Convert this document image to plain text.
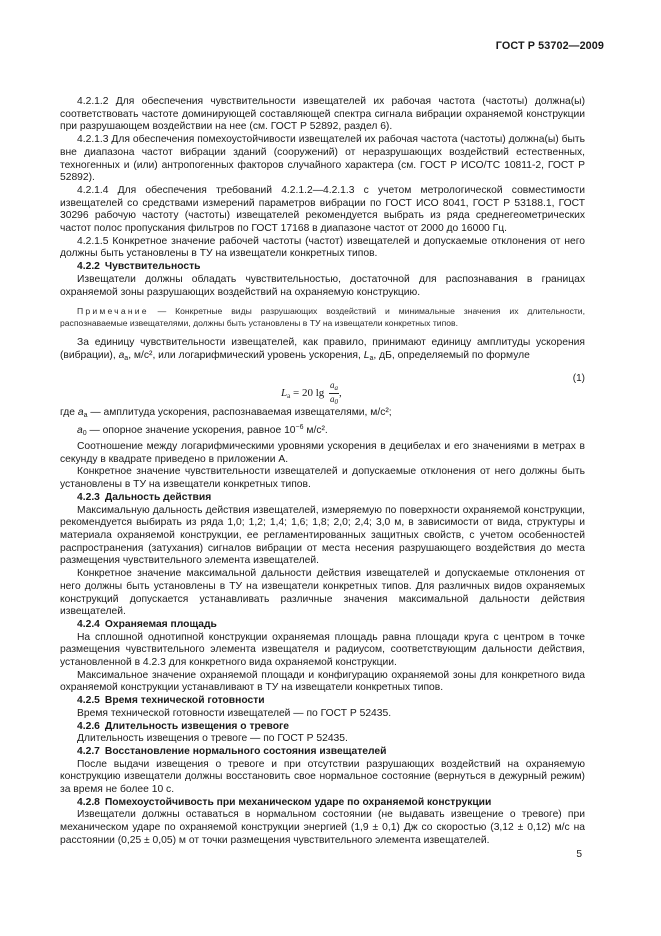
ГОСТ Р 53702—2009

4.2.1.2 Для обеспечения чувствительности извещателей их рабочая частота (частоты) должна(ы) соответствовать частоте доминирующей составляющей спектра сигнала вибрации охраняемой конструкции при разрушающем воздействии на нее (см. ГОСТ Р 52892, раздел 6).

4.2.1.3 Для обеспечения помехоустойчивости извещателей их рабочая частота (частоты) должна(ы) быть вне диапазона частот вибрации зданий (сооружений) от неразрушающих воздействий естественных, техногенных и (или) антропогенных факторов случайного характера (см. ГОСТ Р ИСО/ТС 10811-2, ГОСТ Р 52892).

4.2.1.4 Для обеспечения требований 4.2.1.2—4.2.1.3 с учетом метрологической совместимости извещателей со средствами измерений параметров вибрации по ГОСТ ИСО 8041, ГОСТ Р 53188.1, ГОСТ 30296 рабочую частоту (частоты) извещателей рекомендуется выбрать из ряда среднегеометрических частот полос пропускания фильтров по ГОСТ 17168 в диапазоне частот от 2000 до 16000 Гц.

4.2.1.5 Конкретное значение рабочей частоты (частот) извещателей и допускаемые отклонения от него должны быть установлены в ТУ на извещатели конкретных типов.

4.2.2 Чувствительность

Извещатели должны обладать чувствительностью, достаточной для распознавания в границах охраняемой зоны разрушающих воздействий на охраняемую конструкцию.

Примечание — Конкретные виды разрушающих воздействий и минимальные значения их длительности, распознаваемые извещателями, должны быть установлены в ТУ на извещатели конкретных типов.

За единицу чувствительности извещателей, как правило, принимают единицу амплитуды ускорения (вибрации), $a_a$, м/с², или логарифмический уровень ускорения, $L_a$, дБ, определяемый по формуле

$L_a = 20$ $\lg \frac{a_a}{a_0}$ ,
(1)

где $a_a$ — амплитуда ускорения, распознаваемая извещателями, м/с²;

$a_0$ — опорное значение ускорения, равное $10^{-6}$ м/с².

Соотношение между логарифмическими уровнями ускорения в децибелах и его значениями в метрах в секунду в квадрате приведено в приложении А.

Конкретное значение чувствительности извещателей и допускаемые отклонения от него должны быть установлены в ТУ на извещатели конкретных типов.

4.2.3 Дальность действия

Максимальную дальность действия извещателей, измеряемую по поверхности охраняемой конструкции, рекомендуется выбирать из ряда 1,0; 1,2; 1,4; 1,6; 1,8; 2,0; 2,4; 3,0 м, в зависимости от вида, структуры и материала охраняемой конструкции, ее регламентированных защитных свойств, с учетом особенностей распространения (затухания) сигналов вибрации от места несения разрушающего воздействия до места размещения чувствительного элемента извещателей.

Конкретное значение максимальной дальности действия извещателей и допускаемые отклонения от него должны быть установлены в ТУ на извещатели конкретных типов. Для различных видов охраняемых конструкций допускается устанавливать различные значения максимальной дальности действия извещателей.

4.2.4 Охраняемая площадь

На сплошной однотипной конструкции охраняемая площадь равна площади круга с центром в точке размещения чувствительного элемента извещателя и радиусом, соответствующим дальности действия, установленной в 4.2.3 для конкретного вида охраняемой конструкции.

Максимальное значение охраняемой площади и конфигурацию охраняемой зоны для конкретного вида охраняемой конструкции устанавливают в ТУ на извещатели конкретных типов.

4.2.5 Время технической готовности

Время технической готовности извещателей — по ГОСТ Р 52435.

4.2.6 Длительность извещения о тревоге

Длительность извещения о тревоге — по ГОСТ Р 52435.

4.2.7 Восстановление нормального состояния извещателей

После выдачи извещения о тревоге и при отсутствии разрушающих воздействий на охраняемую конструкцию извещатели должны восстановить свое нормальное состояние (вернуться в дежурный режим) за время не более 10 с.

4.2.8 Помехоустойчивость при механическом ударе по охраняемой конструкции

Извещатели должны оставаться в нормальном состоянии (не выдавать извещение о тревоге) при механическом ударе по охраняемой конструкции энергией (1,9 ± 0,1) Дж со скоростью (3,12 ± 0,12) м/с на расстоянии (0,25 ± 0,05) м от точки размещения чувствительного элемента извещателей.

5
